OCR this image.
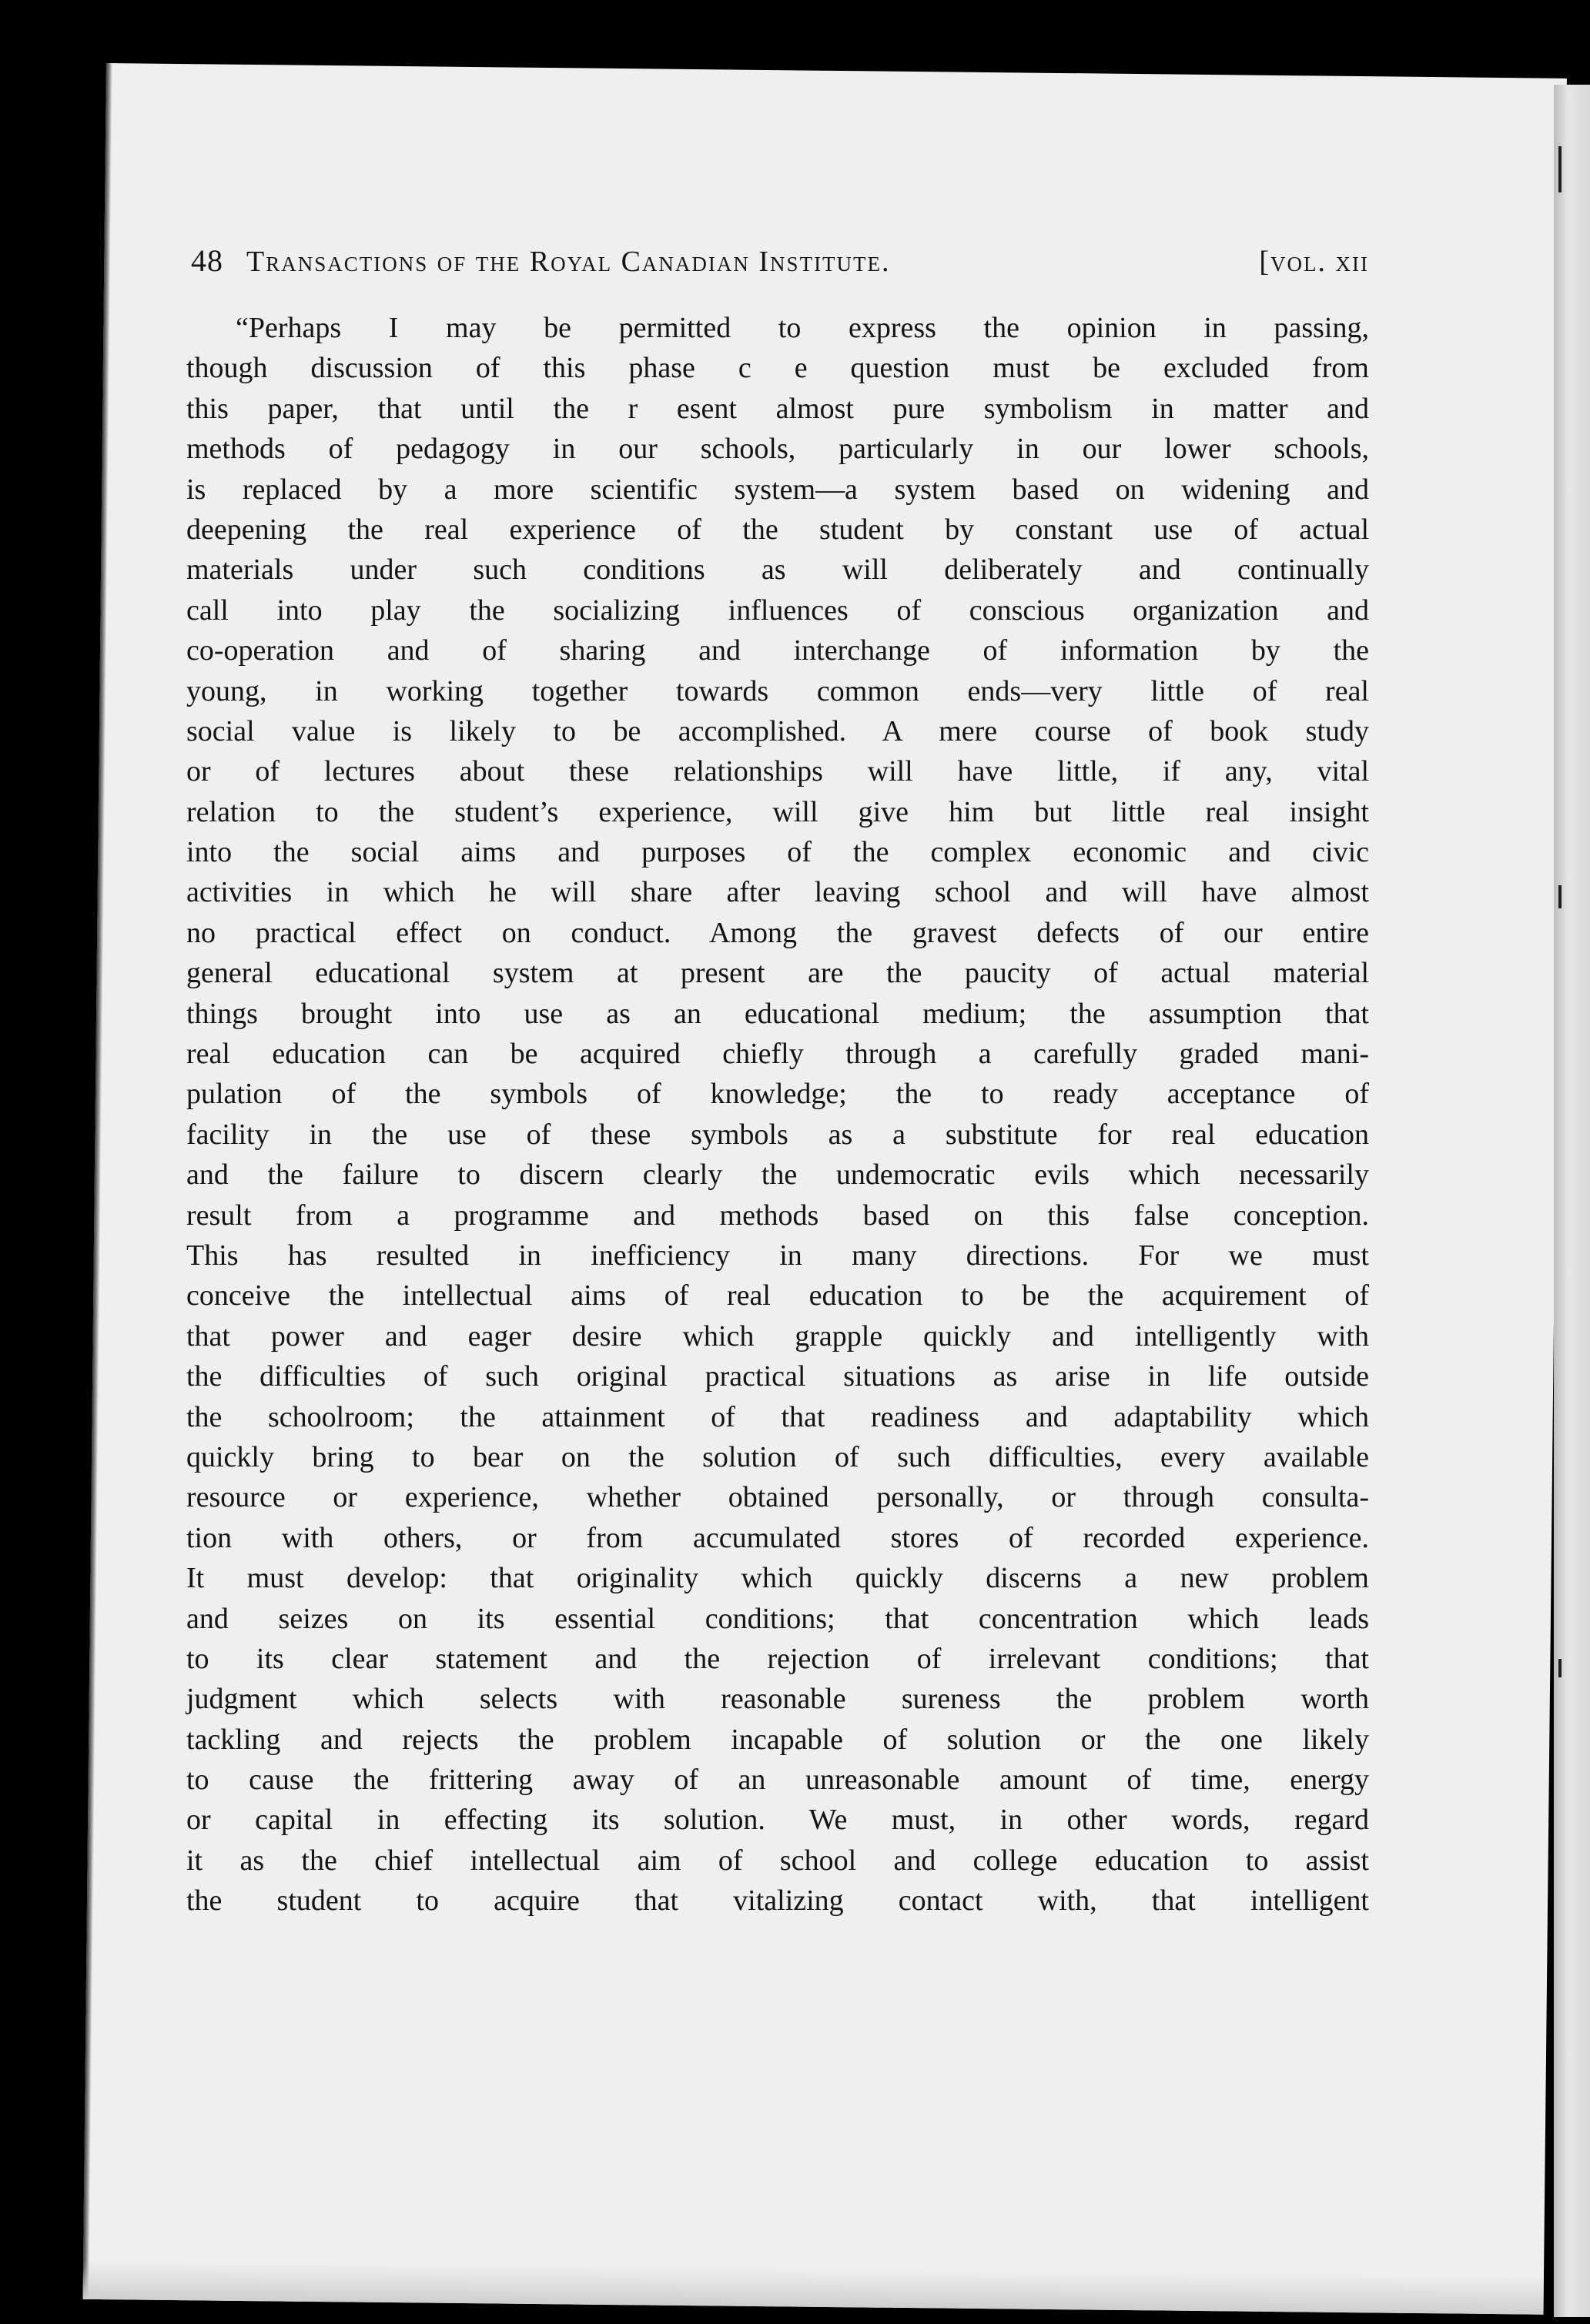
48 Transactions of the Royal Canadian Institute.	[vol. xii
“Perhaps I may be permitted to express the opinion in passing,
though discussion of this phase c e question must be excluded from
this paper, that until the r esent almost pure symbolism in matter and
methods of pedagogy in our schools, particularly in our lower schools,
is replaced by a more scientific system—a system based on widening and
deepening the real experience of the student by constant use of actual
materials under such conditions as will deliberately and continually
call into play the socializing influences of conscious organization and
co-operation and of sharing and interchange of information by the
young, in working together towards common ends—very little of real
social value is likely to be accomplished. A mere course of book study
or of lectures about these relationships will have little, if any, vital
relation to the student’s experience, will give him but little real insight
into the social aims and purposes of the complex economic and civic
activities in which he will share after leaving school and will have almost
no practical effect on conduct. Among the gravest defects of our entire
general educational system at present are the paucity of actual material
things brought into use as an educational medium; the assumption that
real education can be acquired chiefly through a carefully graded mani-
pulation of the symbols of knowledge; the to ready acceptance of
facility in the use of these symbols as a substitute for real education
and the failure to discern clearly the undemocratic evils which necessarily
result from a programme and methods based on this false conception.
This has resulted in inefficiency in many directions. For we must
conceive the intellectual aims of real education to be the acquirement of
that power and eager desire which grapple quickly and intelligently with
the difficulties of such original practical situations as arise in life outside
the schoolroom; the attainment of that readiness and adaptability which
quickly bring to bear on the solution of such difficulties, every available
resource or experience, whether obtained personally, or through consulta-
tion with others, or from accumulated stores of recorded experience.
It must develop: that originality which quickly discerns a new problem
and seizes on its essential conditions; that concentration which leads
to its clear statement and the rejection of irrelevant conditions; that
judgment which selects with reasonable sureness the problem worth
tackling and rejects the problem incapable of solution or the one likely
to cause the frittering away of an unreasonable amount of time, energy
or capital in effecting its solution. We must, in other words, regard
it as the chief intellectual aim of school and college education to assist
the student to acquire that vitalizing contact with, that intelligent
